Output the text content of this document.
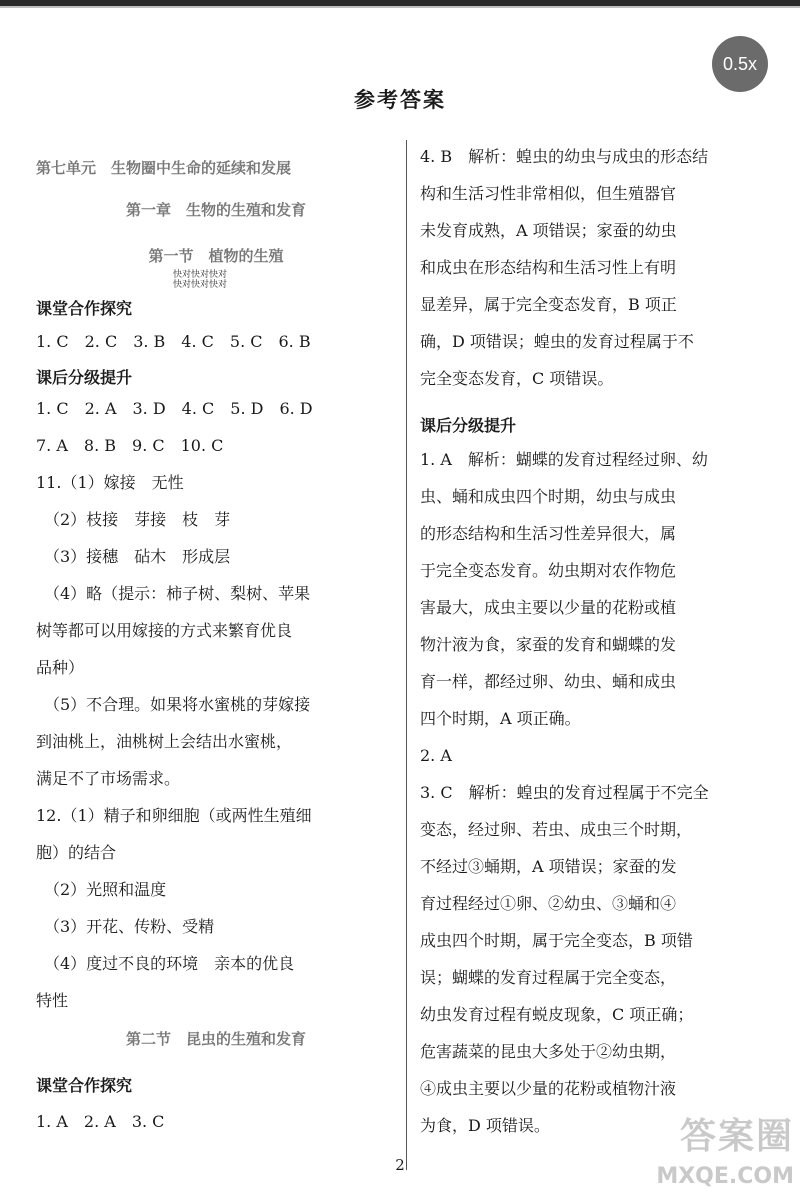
0.5x
参考答案
第七单元　生物圈中生命的延续和发展
第一章　生物的生殖和发育
第一节　植物的生殖
快对快对快对
快对快对快对
课堂合作探究
1. C　2. C　3. B　4. C　5. C　6. B
课后分级提升
1. C　2. A　3. D　4. C　5. D　6. D
7. A　8. B　9. C　10. C
11.（1）嫁接　无性
　（2）枝接　芽接　枝　芽
　（3）接穗　砧木　形成层
　（4）略（提示：柿子树、梨树、苹果
树等都可以用嫁接的方式来繁育优良
品种）
　（5）不合理。如果将水蜜桃的芽嫁接
到油桃上，油桃树上会结出水蜜桃，
满足不了市场需求。
12.（1）精子和卵细胞（或两性生殖细
胞）的结合
　（2）光照和温度
　（3）开花、传粉、受精
　（4）度过不良的环境　亲本的优良
特性
第二节　昆虫的生殖和发育
课堂合作探究
1. A　2. A　3. C
4. B　解析：蝗虫的幼虫与成虫的形态结
构和生活习性非常相似，但生殖器官
未发育成熟，A 项错误；家蚕的幼虫
和成虫在形态结构和生活习性上有明
显差异，属于完全变态发育，B 项正
确，D 项错误；蝗虫的发育过程属于不
完全变态发育，C 项错误。
课后分级提升
1. A　解析：蝴蝶的发育过程经过卵、幼
虫、蛹和成虫四个时期，幼虫与成虫
的形态结构和生活习性差异很大，属
于完全变态发育。幼虫期对农作物危
害最大，成虫主要以少量的花粉或植
物汁液为食，家蚕的发育和蝴蝶的发
育一样，都经过卵、幼虫、蛹和成虫
四个时期，A 项正确。
2. A
3. C　解析：蝗虫的发育过程属于不完全
变态，经过卵、若虫、成虫三个时期，
不经过③蛹期，A 项错误；家蚕的发
育过程经过①卵、②幼虫、③蛹和④
成虫四个时期，属于完全变态，B 项错
误；蝴蝶的发育过程属于完全变态，
幼虫发育过程有蜕皮现象，C 项正确；
危害蔬菜的昆虫大多处于②幼虫期，
④成虫主要以少量的花粉或植物汁液
为食，D 项错误。
2
答案圈
MXQE.COM
